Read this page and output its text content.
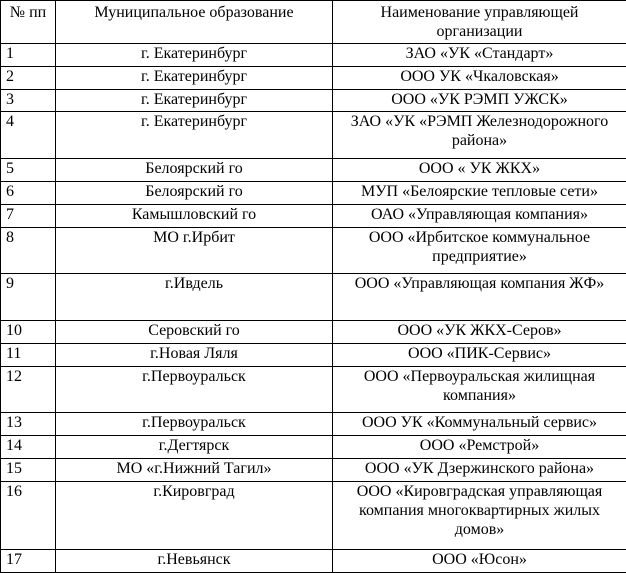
№ пп	Муниципальное образование	Наименование управляющей организации
1	г. Екатеринбург	ЗАО «УК «Стандарт»
2	г. Екатеринбург	ООО УК «Чкаловская»
3	г. Екатеринбург	ООО «УК РЭМП УЖСК»
4	г. Екатеринбург	ЗАО «УК «РЭМП Железнодорожного района»
5	Белоярский го	ООО « УК ЖКХ»
6	Белоярский го	МУП «Белоярские тепловые сети»
7	Камышловский го	ОАО «Управляющая компания»
8	МО г.Ирбит	ООО «Ирбитское коммунальное предприятие»
9	г.Ивдель	ООО «Управляющая компания ЖФ»
10	Серовский го	ООО «УК ЖКХ-Серов»
11	г.Новая Ляля	ООО «ПИК-Сервис»
12	г.Первоуральск	ООО «Первоуральская жилищная компания»
13	г.Первоуральск	ООО УК «Коммунальный сервис»
14	г.Дегтярск	ООО «Ремстрой»
15	МО «г.Нижний Тагил»	ООО «УК Дзержинского района»
16	г.Кировград	ООО «Кировградская управляющая компания многоквартирных жилых домов»
17	г.Невьянск	ООО «Юсон»
